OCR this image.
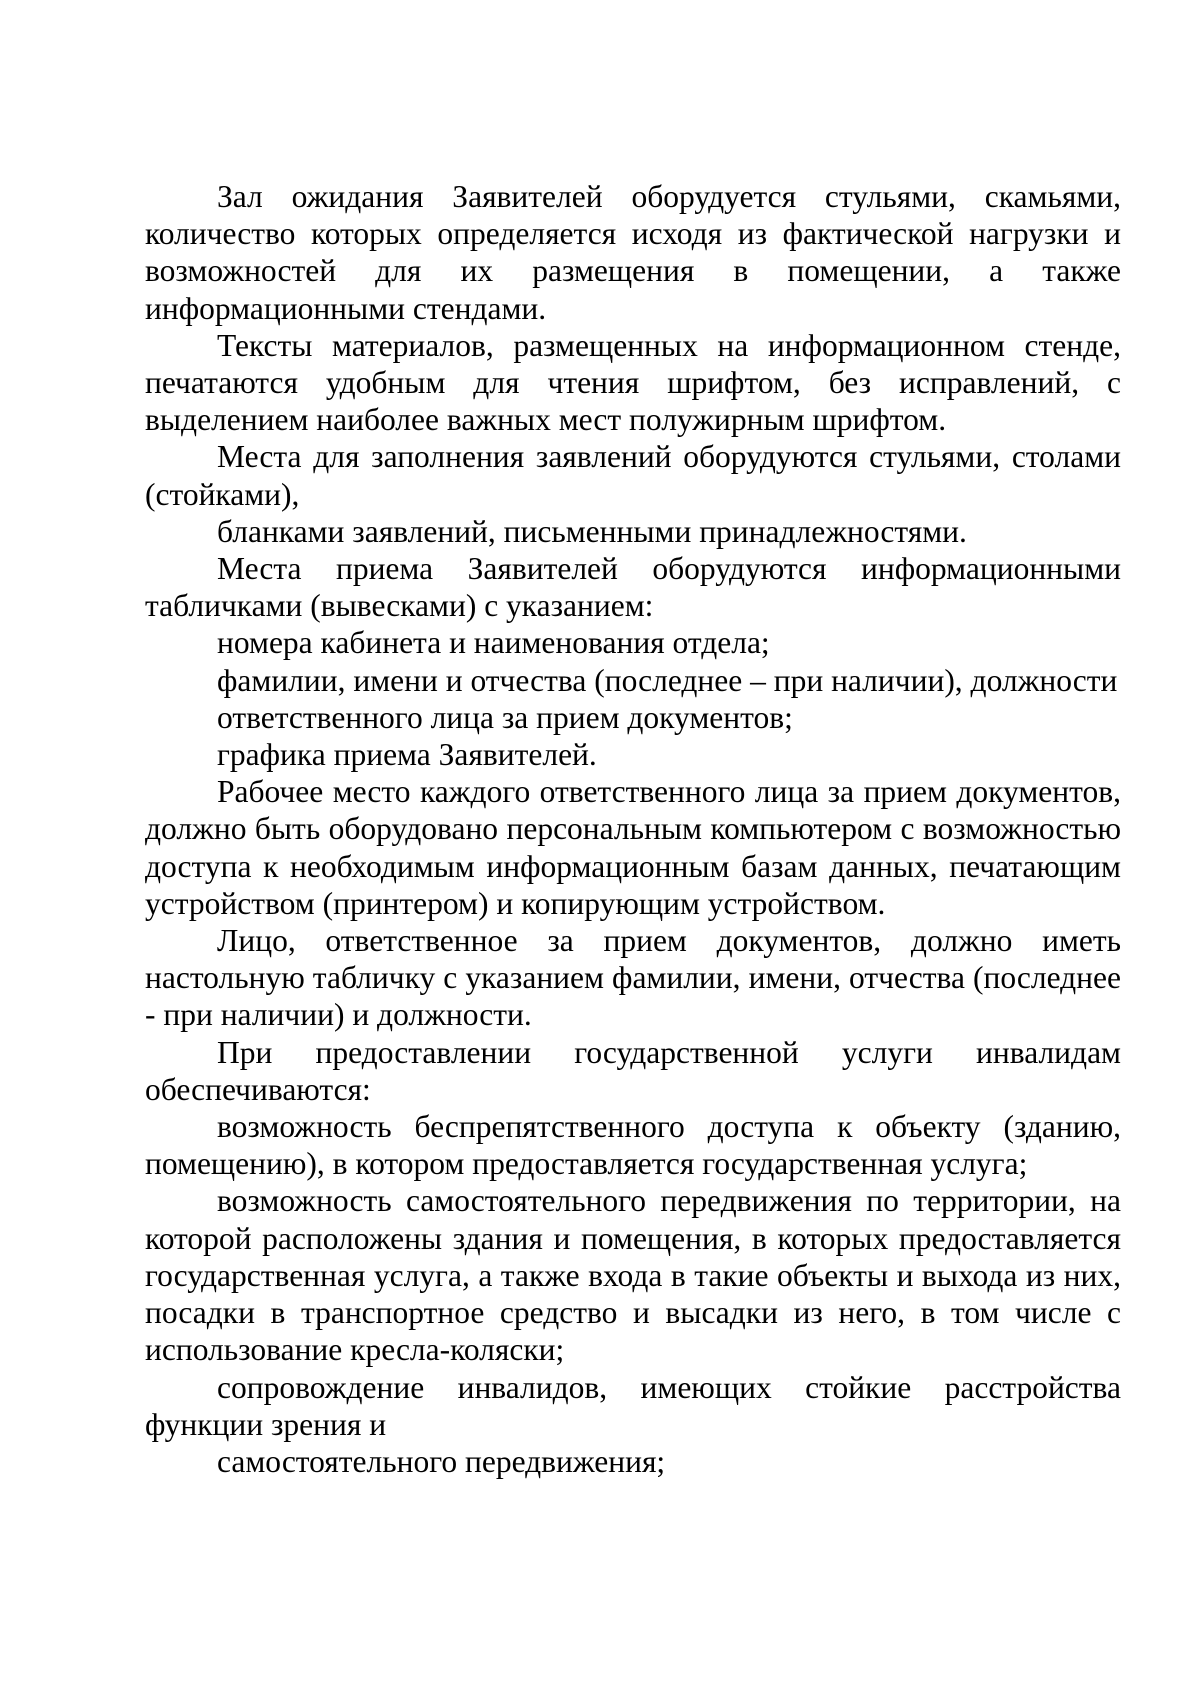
Зал ожидания Заявителей оборудуется стульями, скамьями, количество которых определяется исходя из фактической нагрузки и возможностей для их размещения в помещении, а также информационными стендами.

Тексты материалов, размещенных на информационном стенде, печатаются удобным для чтения шрифтом, без исправлений, с выделением наиболее важных мест полужирным шрифтом.

Места для заполнения заявлений оборудуются стульями, столами (стойками),

бланками заявлений, письменными принадлежностями.

Места приема Заявителей оборудуются информационными табличками (вывесками) с указанием:

номера кабинета и наименования отдела;

фамилии, имени и отчества (последнее – при наличии), должности

ответственного лица за прием документов;

графика приема Заявителей.

Рабочее место каждого ответственного лица за прием документов, должно быть оборудовано персональным компьютером с возможностью доступа к необходимым информационным базам данных, печатающим устройством (принтером) и копирующим устройством.

Лицо, ответственное за прием документов, должно иметь настольную табличку с указанием фамилии, имени, отчества (последнее - при наличии) и должности.

При предоставлении государственной услуги инвалидам обеспечиваются:

возможность беспрепятственного доступа к объекту (зданию, помещению), в котором предоставляется государственная услуга;

возможность самостоятельного передвижения по территории, на которой расположены здания и помещения, в которых предоставляется государственная услуга, а также входа в такие объекты и выхода из них, посадки в транспортное средство и высадки из него, в том числе с использование кресла-коляски;

сопровождение инвалидов, имеющих стойкие расстройства функции зрения и

самостоятельного передвижения;
